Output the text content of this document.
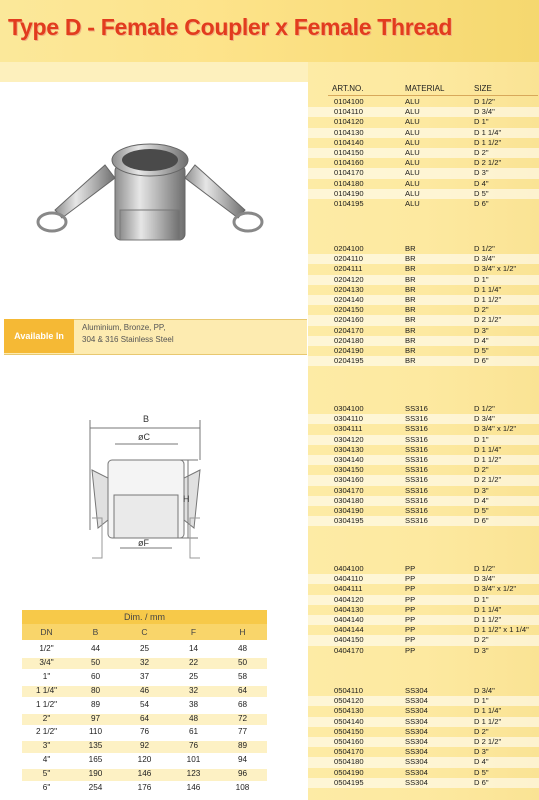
Type D - Female Coupler x Female Thread
ART.NO.	MATERIAL	SIZE
0104100	ALU	D 1/2"
0104110	ALU	D 3/4"
0104120	ALU	D 1"
0104130	ALU	D 1 1/4"
0104140	ALU	D 1 1/2"
0104150	ALU	D 2"
0104160	ALU	D 2 1/2"
0104170	ALU	D 3"
0104180	ALU	D 4"
0104190	ALU	D 5"
0104195	ALU	D 6"
0204100	BR	D 1/2"
0204110	BR	D 3/4"
0204111	BR	D 3/4" x 1/2"
0204120	BR	D 1"
0204130	BR	D 1 1/4"
0204140	BR	D 1 1/2"
0204150	BR	D 2"
0204160	BR	D 2 1/2"
0204170	BR	D 3"
0204180	BR	D 4"
0204190	BR	D 5"
0204195	BR	D 6"
0304100	SS316	D 1/2"
0304110	SS316	D 3/4"
0304111	SS316	D 3/4" x 1/2"
0304120	SS316	D 1"
0304130	SS316	D 1 1/4"
0304140	SS316	D 1 1/2"
0304150	SS316	D 2"
0304160	SS316	D 2 1/2"
0304170	SS316	D 3"
0304180	SS316	D 4"
0304190	SS316	D 5"
0304195	SS316	D 6"
0404100	PP	D 1/2"
0404110	PP	D 3/4"
0404111	PP	D 3/4" x 1/2"
0404120	PP	D 1"
0404130	PP	D 1 1/4"
0404140	PP	D 1 1/2"
0404144	PP	D 1 1/2" x 1 1/4"
0404150	PP	D 2"
0404170	PP	D 3"
0504110	SS304	D 3/4"
0504120	SS304	D 1"
0504130	SS304	D 1 1/4"
0504140	SS304	D 1 1/2"
0504150	SS304	D 2"
0504160	SS304	D 2 1/2"
0504170	SS304	D 3"
0504180	SS304	D 4"
0504190	SS304	D 5"
0504195	SS304	D 6"
Available In
Aluminium, Bronze, PP,
304 & 316 Stainless Steel
B
øC
H
øF
Dim. / mm
DN	B	C	F	H
1/2"	44	25	14	48
3/4"	50	32	22	50
1"	60	37	25	58
1 1/4"	80	46	32	64
1 1/2"	89	54	38	68
2"	97	64	48	72
2 1/2"	110	76	61	77
3"	135	92	76	89
4"	165	120	101	94
5"	190	146	123	96
6"	254	176	146	108
